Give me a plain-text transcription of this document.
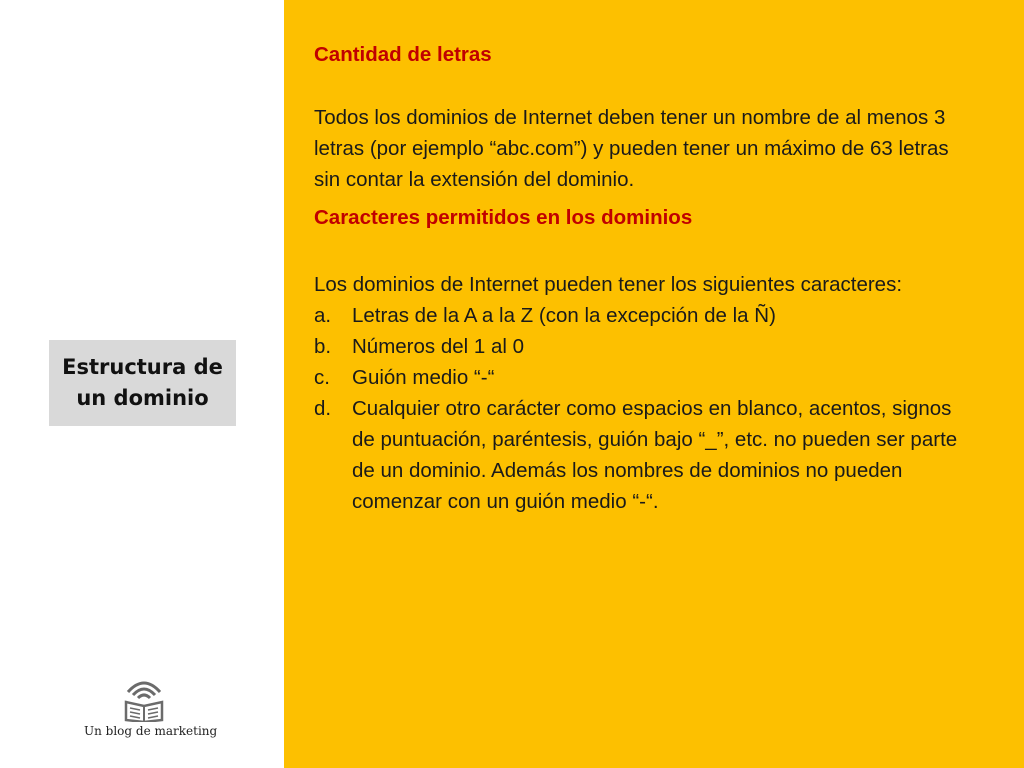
Estructura de
un dominio
Un blog de marketing

Cantidad de letras

Todos los dominios de Internet deben tener un nombre de al menos 3 letras (por ejemplo “abc.com”) y pueden tener un máximo de 63 letras sin contar la extensión del dominio.

Caracteres permitidos en los dominios

Los dominios de Internet pueden tener los siguientes caracteres:

a. Letras de la A a la Z (con la excepción de la Ñ)
b. Números del 1 al 0
c. Guión medio “-“
d. Cualquier otro carácter como espacios en blanco, acentos, signos de puntuación, paréntesis, guión bajo “_”, etc. no pueden ser parte de un dominio. Además los nombres de dominios no pueden comenzar con un guión medio “-“.
